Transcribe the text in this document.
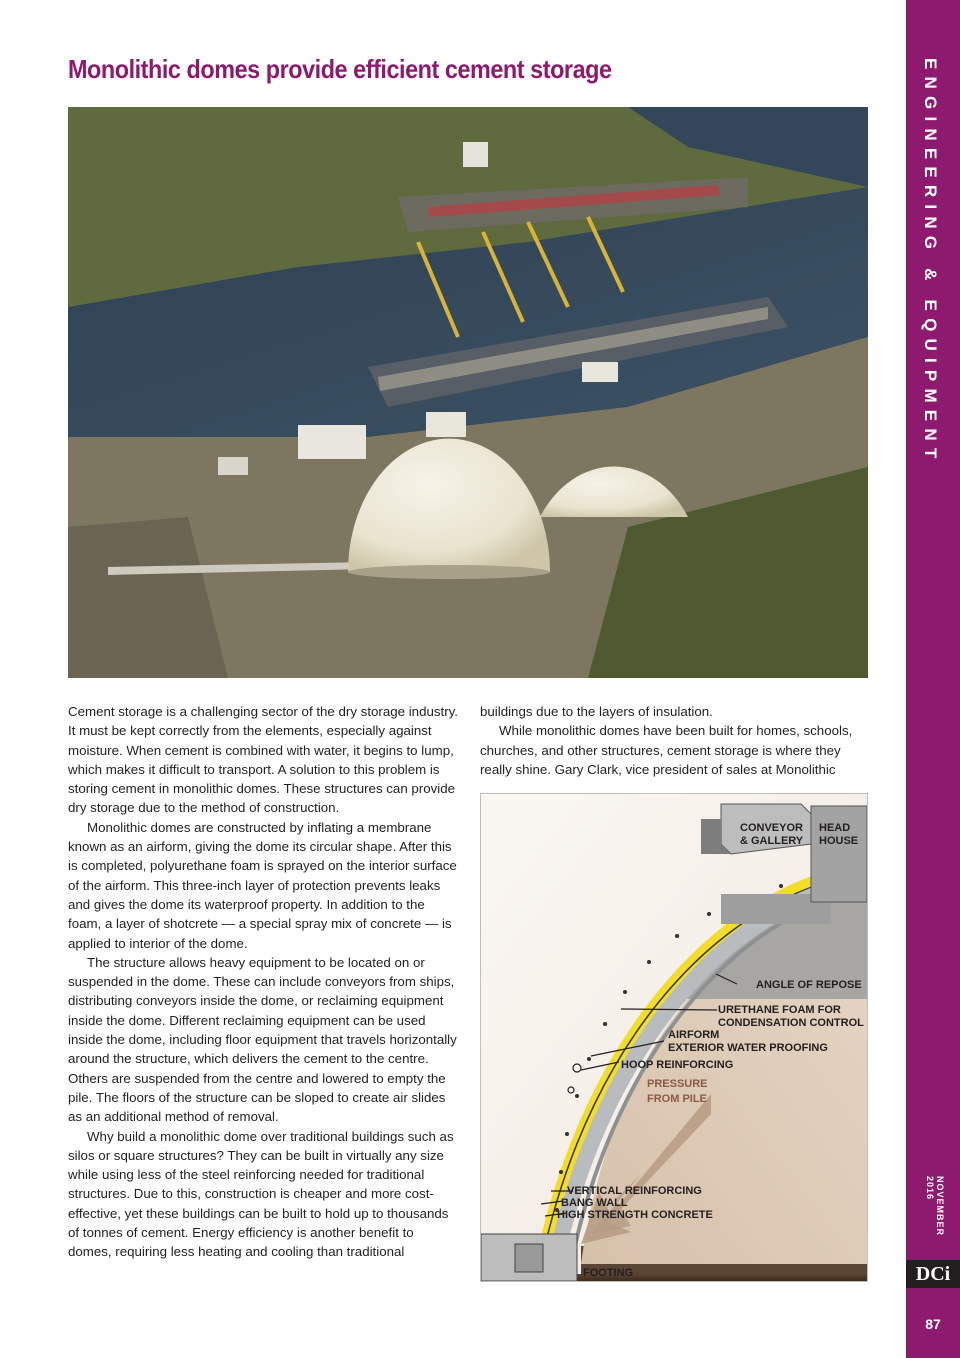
Monolithic domes provide efficient cement storage

Cement storage is a challenging sector of the dry storage industry. It must be kept correctly from the elements, especially against moisture. When cement is combined with water, it begins to lump, which makes it difficult to transport. A solution to this problem is storing cement in monolithic domes. These structures can provide dry storage due to the method of construction.

Monolithic domes are constructed by inflating a membrane known as an airform, giving the dome its circular shape. After this is completed, polyurethane foam is sprayed on the interior surface of the airform. This three-inch layer of protection prevents leaks and gives the dome its waterproof property. In addition to the foam, a layer of shotcrete — a special spray mix of concrete — is applied to interior of the dome.

The structure allows heavy equipment to be located on or suspended in the dome. These can include conveyors from ships, distributing conveyors inside the dome, or reclaiming equipment inside the dome. Different reclaiming equipment can be used inside the dome, including floor equipment that travels horizontally around the structure, which delivers the cement to the centre. Others are suspended from the centre and lowered to empty the pile. The floors of the structure can be sloped to create air slides as an additional method of removal.

Why build a monolithic dome over traditional buildings such as silos or square structures? They can be built in virtually any size while using less of the steel reinforcing needed for traditional structures. Due to this, construction is cheaper and more cost-effective, yet these buildings can be built to hold up to thousands of tonnes of cement. Energy efficiency is another benefit to domes, requiring less heating and cooling than traditional

buildings due to the layers of insulation.

While monolithic domes have been built for homes, schools, churches, and other structures, cement storage is where they really shine. Gary Clark, vice president of sales at Monolithic

CONVEYOR
& GALLERY
HEAD
HOUSE
ANGLE OF REPOSE
URETHANE FOAM FOR
CONDENSATION CONTROL
AIRFORM
EXTERIOR WATER PROOFING
HOOP REINFORCING
PRESSURE
FROM PILE
VERTICAL REINFORCING
BANG WALL
HIGH STRENGTH CONCRETE
FOOTING
ENGINEERING & EQUIPMENT
NOVEMBER 2016
DCi
87
